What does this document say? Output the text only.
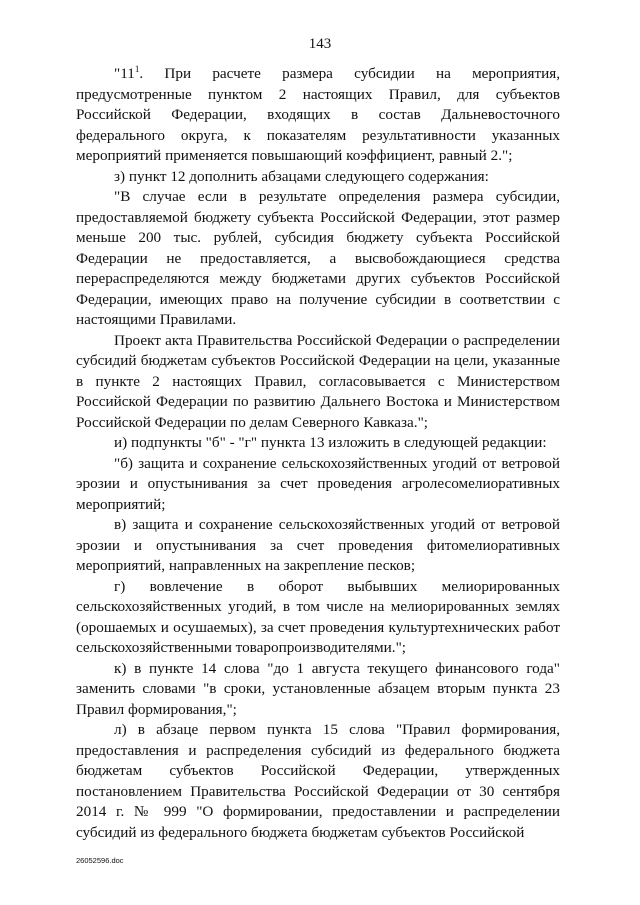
143

"$11^1$. При расчете размера субсидии на мероприятия, предусмотренные пунктом 2 настоящих Правил, для субъектов Российской Федерации, входящих в состав Дальневосточного федерального округа, к показателям результативности указанных мероприятий применяется повышающий коэффициент, равный 2.";

з) пункт 12 дополнить абзацами следующего содержания:

"В случае если в результате определения размера субсидии, предоставляемой бюджету субъекта Российской Федерации, этот размер меньше 200 тыс. рублей, субсидия бюджету субъекта Российской Федерации не предоставляется, а высвобождающиеся средства перераспределяются между бюджетами других субъектов Российской Федерации, имеющих право на получение субсидии в соответствии с настоящими Правилами.

Проект акта Правительства Российской Федерации о распределении субсидий бюджетам субъектов Российской Федерации на цели, указанные в пункте 2 настоящих Правил, согласовывается с Министерством Российской Федерации по развитию Дальнего Востока и Министерством Российской Федерации по делам Северного Кавказа.";

и) подпункты "б" - "г" пункта 13 изложить в следующей редакции:

"б) защита и сохранение сельскохозяйственных угодий от ветровой эрозии и опустынивания за счет проведения агролесомелиоративных мероприятий;

в) защита и сохранение сельскохозяйственных угодий от ветровой эрозии и опустынивания за счет проведения фитомелиоративных мероприятий, направленных на закрепление песков;

г) вовлечение в оборот выбывших мелиорированных сельскохозяйственных угодий, в том числе на мелиорированных землях (орошаемых и осушаемых), за счет проведения культуртехнических работ сельскохозяйственными товаропроизводителями.";

к) в пункте 14 слова "до 1 августа текущего финансового года" заменить словами "в сроки, установленные абзацем вторым пункта 23 Правил формирования,";

л) в абзаце первом пункта 15 слова "Правил формирования, предоставления и распределения субсидий из федерального бюджета бюджетам субъектов Российской Федерации, утвержденных постановлением Правительства Российской Федерации от 30 сентября 2014 г. № 999 "О формировании, предоставлении и распределении субсидий из федерального бюджета бюджетам субъектов Российской

26052596.doc
